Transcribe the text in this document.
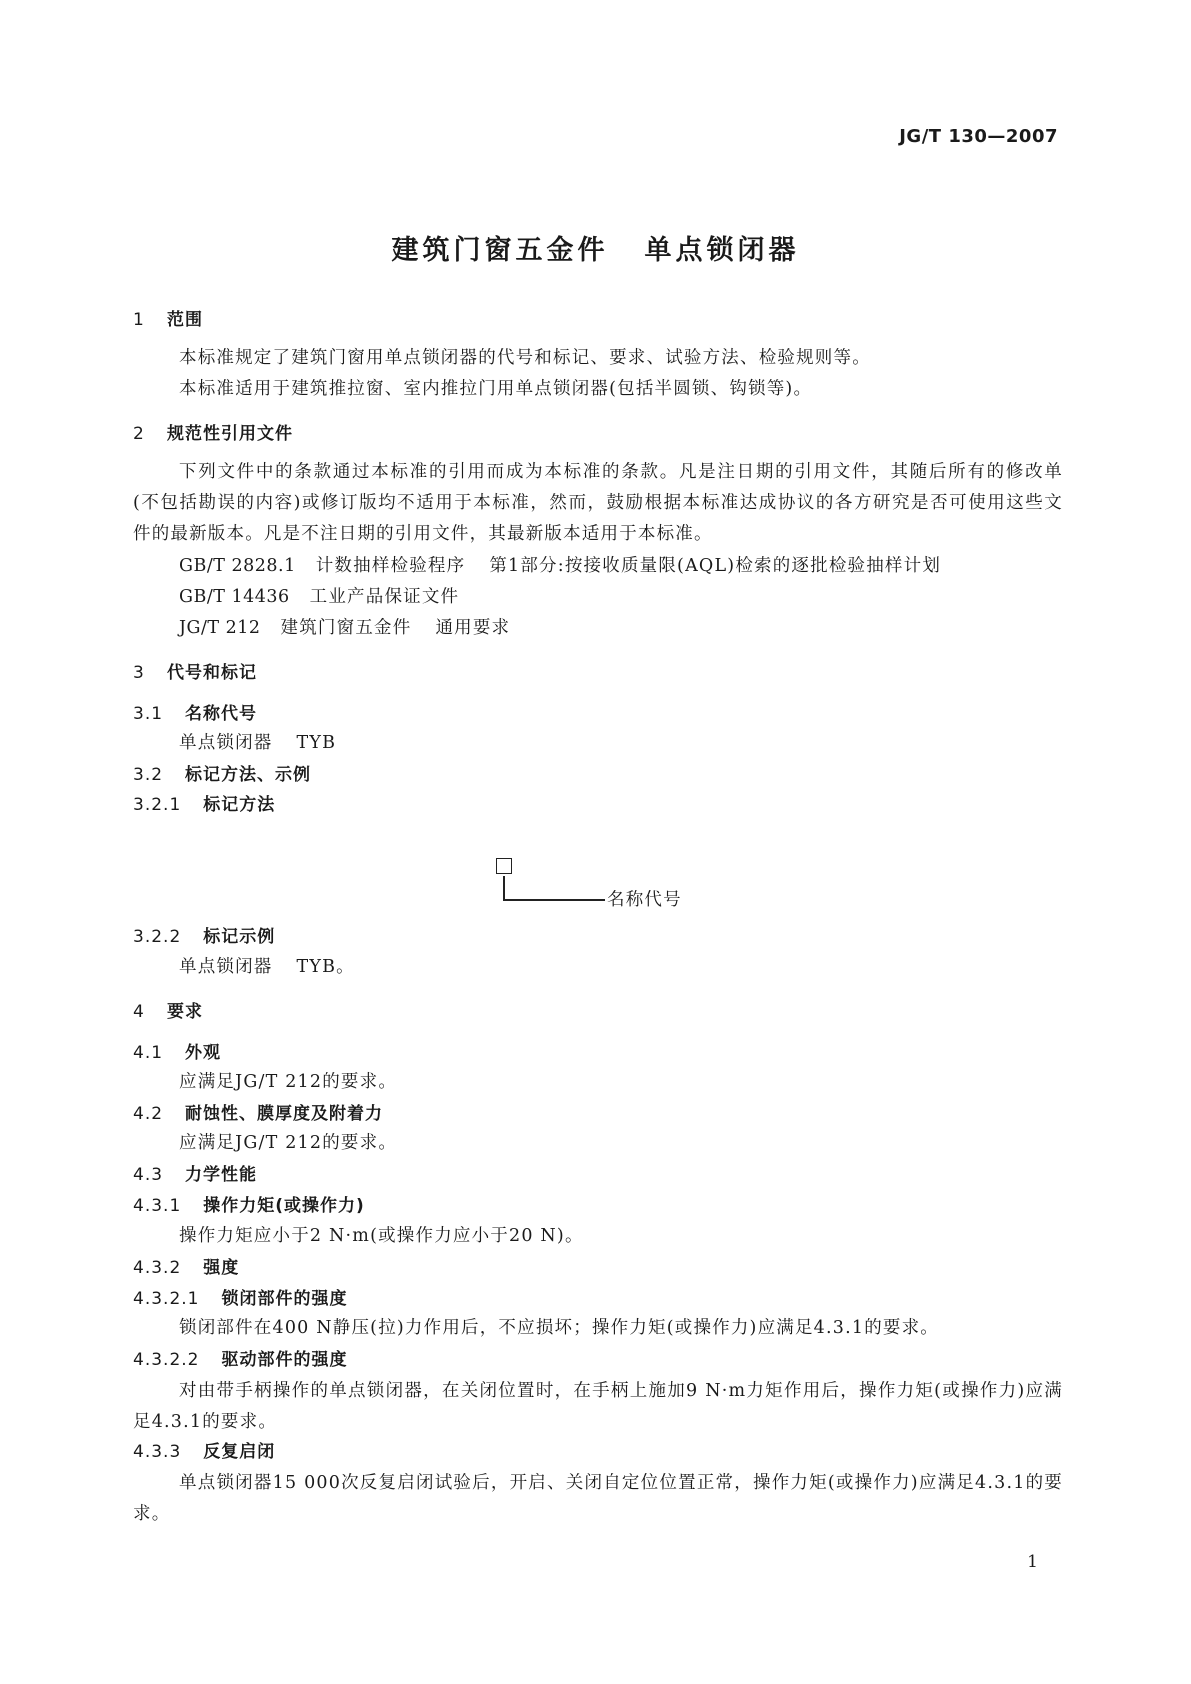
JG/T 130—2007
建筑门窗五金件 单点锁闭器
1 范围
本标准规定了建筑门窗用单点锁闭器的代号和标记、要求、试验方法、检验规则等。
本标准适用于建筑推拉窗、室内推拉门用单点锁闭器(包括半圆锁、钩锁等)。
2 规范性引用文件
下列文件中的条款通过本标准的引用而成为本标准的条款。凡是注日期的引用文件，其随后所有的修改单(不包括勘误的内容)或修订版均不适用于本标准，然而，鼓励根据本标准达成协议的各方研究是否可使用这些文件的最新版本。凡是不注日期的引用文件，其最新版本适用于本标准。
GB/T 2828.1 计数抽样检验程序 第1部分:按接收质量限(AQL)检索的逐批检验抽样计划
GB/T 14436 工业产品保证文件
JG/T 212 建筑门窗五金件 通用要求
3 代号和标记
3.1 名称代号
单点锁闭器 TYB
3.2 标记方法、示例
3.2.1 标记方法
名称代号
3.2.2 标记示例
单点锁闭器 TYB。
4 要求
4.1 外观
应满足JG/T 212的要求。
4.2 耐蚀性、膜厚度及附着力
应满足JG/T 212的要求。
4.3 力学性能
4.3.1 操作力矩(或操作力)
操作力矩应小于2 N·m(或操作力应小于20 N)。
4.3.2 强度
4.3.2.1 锁闭部件的强度
锁闭部件在400 N静压(拉)力作用后，不应损坏；操作力矩(或操作力)应满足4.3.1的要求。
4.3.2.2 驱动部件的强度
对由带手柄操作的单点锁闭器，在关闭位置时，在手柄上施加9 N·m力矩作用后，操作力矩(或操作力)应满足4.3.1的要求。
4.3.3 反复启闭
单点锁闭器15 000次反复启闭试验后，开启、关闭自定位位置正常，操作力矩(或操作力)应满足4.3.1的要求。
1
